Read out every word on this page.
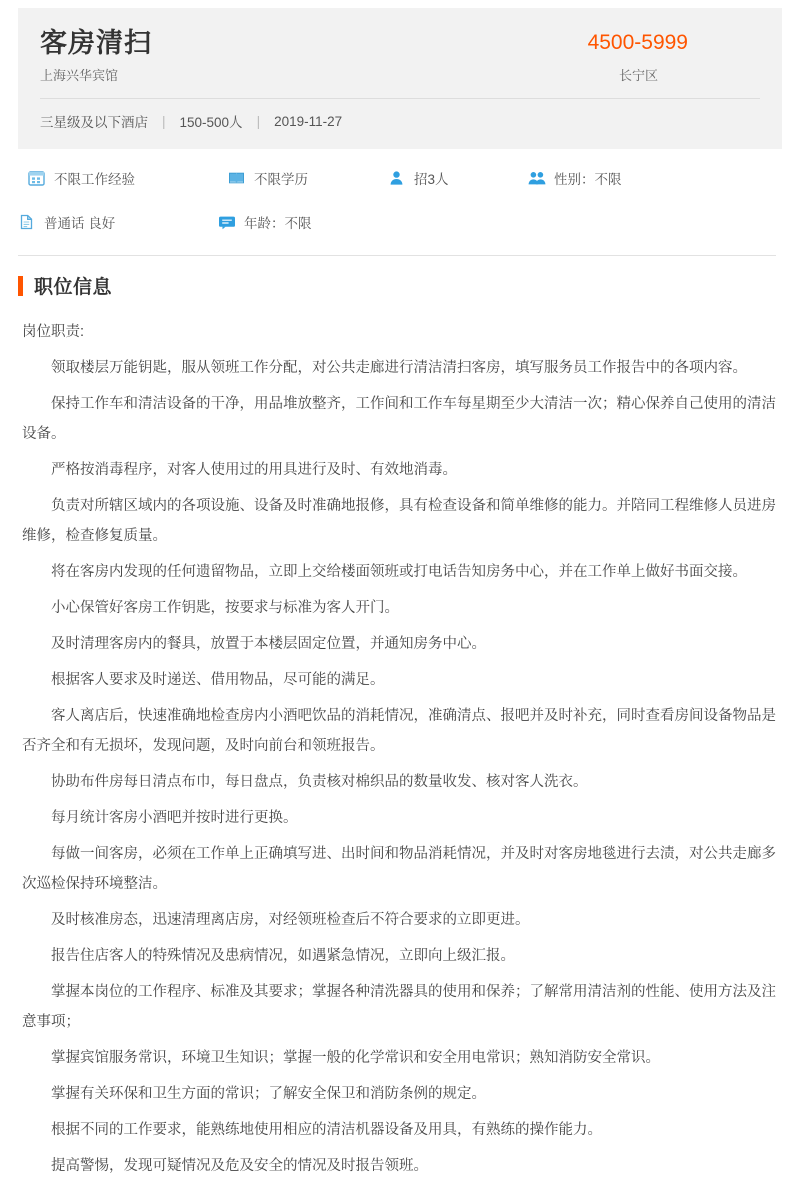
客房清扫	4500-5999
上海兴华宾馆	长宁区
三星级及以下酒店	|	150-500人	|	2019-11-27
不限工作经验	不限学历	招3人	性别：不限
普通话 良好	年龄：不限
职位信息

岗位职责:

领取楼层万能钥匙，服从领班工作分配，对公共走廊进行清洁清扫客房，填写服务员工作报告中的各项内容。

保持工作车和清洁设备的干净，用品堆放整齐，工作间和工作车每星期至少大清洁一次；精心保养自己使用的清洁设备。

严格按消毒程序，对客人使用过的用具进行及时、有效地消毒。

负责对所辖区域内的各项设施、设备及时准确地报修，具有检查设备和简单维修的能力。并陪同工程维修人员进房维修，检查修复质量。

将在客房内发现的任何遗留物品，立即上交给楼面领班或打电话告知房务中心，并在工作单上做好书面交接。

小心保管好客房工作钥匙，按要求与标准为客人开门。

及时清理客房内的餐具，放置于本楼层固定位置，并通知房务中心。

根据客人要求及时递送、借用物品，尽可能的满足。

客人离店后，快速准确地检查房内小酒吧饮品的消耗情况，准确清点、报吧并及时补充，同时查看房间设备物品是否齐全和有无损坏，发现问题，及时向前台和领班报告。

协助布件房每日清点布巾，每日盘点，负责核对棉织品的数量收发、核对客人洗衣。

每月统计客房小酒吧并按时进行更换。

每做一间客房，必须在工作单上正确填写进、出时间和物品消耗情况，并及时对客房地毯进行去渍，对公共走廊多次巡检保持环境整洁。

及时核准房态，迅速清理离店房，对经领班检查后不符合要求的立即更进。

报告住店客人的特殊情况及患病情况，如遇紧急情况，立即向上级汇报。

掌握本岗位的工作程序、标准及其要求；掌握各种清洗器具的使用和保养；了解常用清洁剂的性能、使用方法及注意事项；

掌握宾馆服务常识，环境卫生知识；掌握一般的化学常识和安全用电常识；熟知消防安全常识。

掌握有关环保和卫生方面的常识；了解安全保卫和消防条例的规定。

根据不同的工作要求，能熟练地使用相应的清洁机器设备及用具，有熟练的操作能力。

提高警惕，发现可疑情况及危及安全的情况及时报告领班。
